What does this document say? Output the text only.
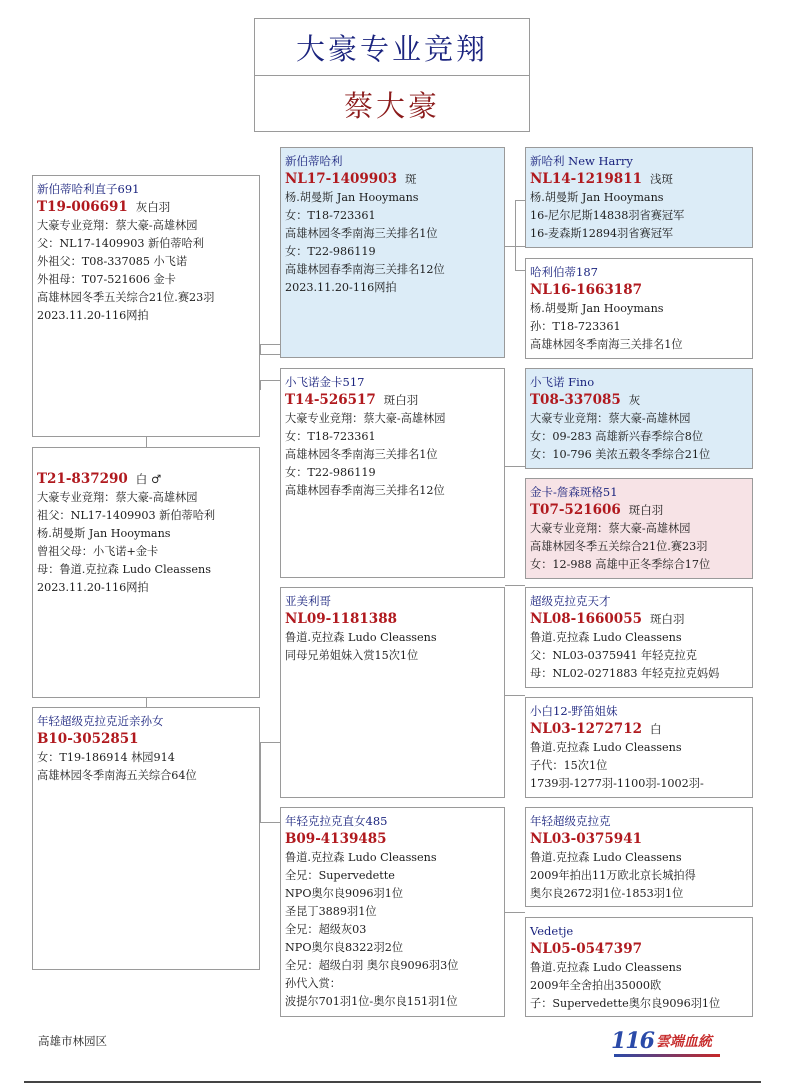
大豪专业竞翔
蔡大豪
新伯蒂哈利直子691
T19-006691 灰白羽
大豪专业竞翔：蔡大豪-高雄林园
父：NL17-1409903 新伯蒂哈利
外祖父：T08-337085 小飞诺
外祖母：T07-521606 金卡
高雄林园冬季五关综合21位.赛23羽
2023.11.20-116网拍
T21-837290 白 ♂
大豪专业竞翔：蔡大豪-高雄林园
祖父：NL17-1409903 新伯蒂哈利
杨.胡曼斯 Jan Hooymans
曾祖父母：小飞诺+金卡
母：鲁道.克拉森 Ludo Cleassens
2023.11.20-116网拍
年轻超级克拉克近亲孙女
B10-3052851
女：T19-186914 林园914
高雄林园冬季南海五关综合64位
新伯蒂哈利
NL17-1409903 斑
杨.胡曼斯 Jan Hooymans
女：T18-723361
高雄林园冬季南海三关排名1位
女：T22-986119
高雄林园春季南海三关排名12位
2023.11.20-116网拍
小飞诺金卡517
T14-526517 斑白羽
大豪专业竞翔：蔡大豪-高雄林园
女：T18-723361
高雄林园冬季南海三关排名1位
女：T22-986119
高雄林园春季南海三关排名12位
亚美利哥
NL09-1181388
鲁道.克拉森 Ludo Cleassens
同母兄弟姐妹入赏15次1位
年轻克拉克直女485
B09-4139485
鲁道.克拉森 Ludo Cleassens
全兄：Supervedette
NPO奥尔良9096羽1位
圣昆丁3889羽1位
全兄：超级灰03
NPO奥尔良8322羽2位
全兄：超级白羽 奥尔良9096羽3位
孙代入赏：
波提尔701羽1位-奥尔良151羽1位
新哈利 New Harry
NL14-1219811 浅斑
杨.胡曼斯 Jan Hooymans
16-尼尔尼斯14838羽省赛冠军
16-麦森斯12894羽省赛冠军
哈利伯蒂187
NL16-1663187
杨.胡曼斯 Jan Hooymans
孙：T18-723361
高雄林园冬季南海三关排名1位
小飞诺 Fino
T08-337085 灰
大豪专业竞翔：蔡大豪-高雄林园
女：09-283 高雄新兴春季综合8位
女：10-796 美浓五毂冬季综合21位
金卡-詹森斑格51
T07-521606 斑白羽
大豪专业竞翔：蔡大豪-高雄林园
高雄林园冬季五关综合21位.赛23羽
女：12-988 高雄中正冬季综合17位
超级克拉克天才
NL08-1660055 斑白羽
鲁道.克拉森 Ludo Cleassens
父：NL03-0375941 年轻克拉克
母：NL02-0271883 年轻克拉克妈妈
小白12-野笛姐妹
NL03-1272712 白
鲁道.克拉森 Ludo Cleassens
子代：15次1位
1739羽-1277羽-1100羽-1002羽-
年轻超级克拉克
NL03-0375941
鲁道.克拉森 Ludo Cleassens
2009年拍出11万欧北京长城拍得
奥尔良2672羽1位-1853羽1位
Vedetje
NL05-0547397
鲁道.克拉森 Ludo Cleassens
2009年全舍拍出35000欧
子：Supervedette奥尔良9096羽1位
高雄市林园区	116 雲端血統
